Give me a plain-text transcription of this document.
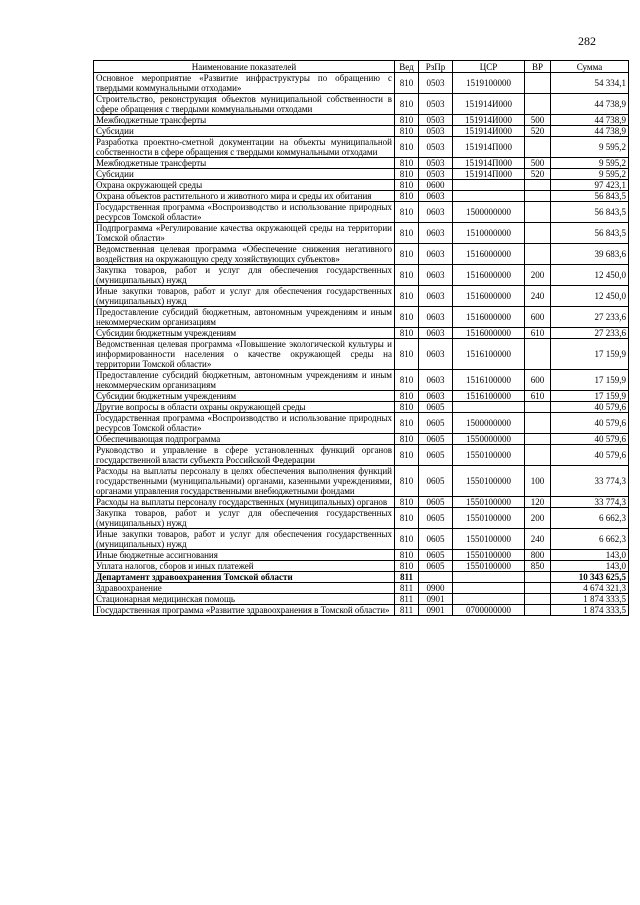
282
Наименование показателей	Вед	РзПр	ЦСР	ВР	Сумма
Основное мероприятие «Развитие инфраструктуры по обращению с твердыми коммунальными отходами»	810	0503	1519100000		54 334,1
Строительство, реконструкция объектов муниципальной собственности в сфере обращения с твердыми коммунальными отходами	810	0503	151914И000		44 738,9
Межбюджетные трансферты	810	0503	151914И000	500	44 738,9
Субсидии	810	0503	151914И000	520	44 738,9
Разработка проектно-сметной документации на объекты муниципальной собственности в сфере обращения с твердыми коммунальными отходами	810	0503	151914П000		9 595,2
Межбюджетные трансферты	810	0503	151914П000	500	9 595,2
Субсидии	810	0503	151914П000	520	9 595,2
Охрана окружающей среды	810	0600			97 423,1
Охрана объектов растительного и животного мира и среды их обитания	810	0603			56 843,5
Государственная программа «Воспроизводство и использование природных ресурсов Томской области»	810	0603	1500000000		56 843,5
Подпрограмма «Регулирование качества окружающей среды на территории Томской области»	810	0603	1510000000		56 843,5
Ведомственная целевая программа «Обеспечение снижения негативного воздействия на окружающую среду хозяйствующих субъектов»	810	0603	1516000000		39 683,6
Закупка товаров, работ и услуг для обеспечения государственных (муниципальных) нужд	810	0603	1516000000	200	12 450,0
Иные закупки товаров, работ и услуг для обеспечения государственных (муниципальных) нужд	810	0603	1516000000	240	12 450,0
Предоставление субсидий бюджетным, автономным учреждениям и иным некоммерческим организациям	810	0603	1516000000	600	27 233,6
Субсидии бюджетным учреждениям	810	0603	1516000000	610	27 233,6
Ведомственная целевая программа «Повышение экологической культуры и информированности населения о качестве окружающей среды на территории Томской области»	810	0603	1516100000		17 159,9
Предоставление субсидий бюджетным, автономным учреждениям и иным некоммерческим организациям	810	0603	1516100000	600	17 159,9
Субсидии бюджетным учреждениям	810	0603	1516100000	610	17 159,9
Другие вопросы в области охраны окружающей среды	810	0605			40 579,6
Государственная программа «Воспроизводство и использование природных ресурсов Томской области»	810	0605	1500000000		40 579,6
Обеспечивающая подпрограмма	810	0605	1550000000		40 579,6
Руководство и управление в сфере установленных функций органов государственной власти субъекта Российской Федерации	810	0605	1550100000		40 579,6
Расходы на выплаты персоналу в целях обеспечения выполнения функций государственными (муниципальными) органами, казенными учреждениями, органами управления государственными внебюджетными фондами	810	0605	1550100000	100	33 774,3
Расходы на выплаты персоналу государственных (муниципальных) органов	810	0605	1550100000	120	33 774,3
Закупка товаров, работ и услуг для обеспечения государственных (муниципальных) нужд	810	0605	1550100000	200	6 662,3
Иные закупки товаров, работ и услуг для обеспечения государственных (муниципальных) нужд	810	0605	1550100000	240	6 662,3
Иные бюджетные ассигнования	810	0605	1550100000	800	143,0
Уплата налогов, сборов и иных платежей	810	0605	1550100000	850	143,0
Департамент здравоохранения Томской области	811				10 343 625,5
Здравоохранение	811	0900			4 674 321,3
Стационарная медицинская помощь	811	0901			1 874 333,5
Государственная программа «Развитие здравоохранения в Томской области»	811	0901	0700000000		1 874 333,5
